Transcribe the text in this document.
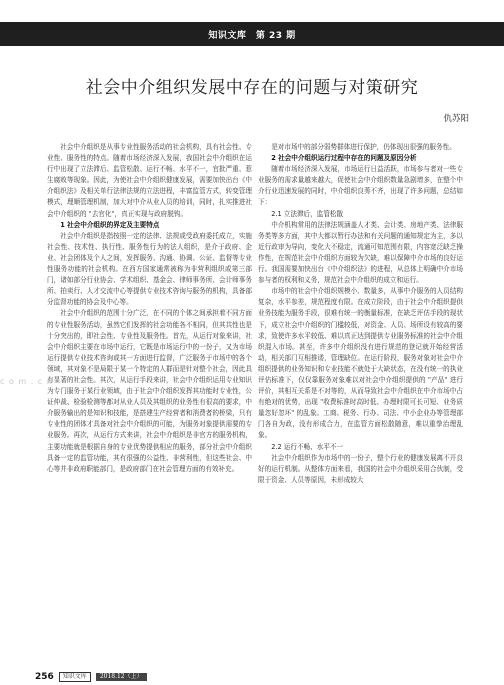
知识文库　第 23 期
社会中介组织发展中存在的问题与对策研究
仇苏阳

社会中介组织是从事专业性服务活动的社会机构，具有社会性、专业性、服务性的特点。随着市场经济深入发展，我国社会中介组织在运行中出现了立法滞后、监管松散、运行不畅、水平不一，官批严重、惹生腐败等现象。因此，为使社会中介组织健康发展，需要加快出台《中介组织法》及相关单行法律法规的立法进程，丰富监管方式，转变管理模式，理顺管理机制，加大对中介从业人员的培训，同时，扎实推进社会中介组织的 "去官化"，真正实现与政府脱钩。

1 社会中介组织的界定及主要特点

社会中介组织是指按照一定的法律、法规或受政府委托成立，实施社会性、技术性、执行性、服务性行为的法人组织，是介于政府、企业、社会团体及个人之间，发挥服务、沟通、协调、公证、监督等专业性服务功能的社会机构。在西方国家通常被称为非营利组织或第三部门，诸如部分行业协会、学术组织、基金会、律师事务所、会计师事务所、拍卖行、人才交流中心等提供专业技术咨询与服务的机构，具备部分监督功能的协会及中心等。

社会中介组织的范围十分广泛，在不同的个体之间承担着不同方面的专业性服务活动，虽然它们发挥的社会功能各不相同，但其共性也是十分突出的，即社会性、专业性及服务性。首先，从运行对象来讲，社会中介组织主要在市场中运行，它既是市场运行中的一份子，又为市场运行提供专业技术咨询或其一方面进行监督，广泛服务于市场中的各个领域，其对象不是局限于某一个特定的人群而是针对整个社会，因此具有显著的社会性。其次，从运行手段来讲，社会中介组织运用专业知识为专门服务于某行业领域，由于社会中介组织发挥其功能时专业性，公证仲裁、检验检测等都对从业人员及其组织的业务性有很高的要求，中介服务输出的是知识和技能，是搭建生产经营者和消费者的桥梁，只有专业性的团体才具备对社会中介组织的可能，为服务对象提供需要的专业服务。再次，从运行方式来讲，社会中介组织是非官方的服务机构，主要功能就是根据自身的专业优势提供相应的服务，部分社会中介组织具备一定的监管功能，其有很强的公益性、非营利性，但这些社会、中心等并非政府职能部门，是政府部门在社会管理方面的有效补充。

是对市场中的部分弱势群体进行保护，仍体现出很强的服务性。

2 社会中介组织运行过程中存在的问题及原因分析

随着市场经济深入发展，市场运行日益活跃，市场参与者对一些专业服务的需求量越来越大，促使社会中介组织数量急剧增多，在整个中介行业迅速发展的同时，中介组织良莠不齐，出现了许多问题，总结如下：

2.1 立法滞后，监管松散

中介机构常用的法律法规涵盖人才类、会计类、房地产类、法律服务类等多方面，其中大都以暂行办法和有关问题的通知规定为主，多以近行政审为导向，变化大不稳定，流通可知范围有限，内容宽泛缺乏操作性，在规范社会中介组织方面较为欠缺，难以保障中介市场的良好运行。我国需要加快出台《中介组织法》的进程，从总体上明确中介市场参与者的权利和义务，规范社会中介组织的成立和运行。

市场中的社会中介组织规模小、数量多，从事中介服务的人员结构复杂，水平参差，规范程度有限。在成立阶段，由于社会中介组织提供业务技能为服务手段，很难有统一的衡量标准，在缺乏评估手段的现状下，成立社会中介组织的门槛较低，对资金、人员、场所设有较高的要求，致使许多水平较低、难以真正达到提供专业服务标准的社会中介组织混入市场。甚至，许多中介组织没有进行规范的登记就开始经营活动，相关部门互相推诿，管理缺位。在运行阶段，服务对象对社会中介组织提供的业务知识和专业技能不就处于大缺状态，在没有统一的执业评估标准下，仅仅靠服务对象难以对社会中介组织提供的 "产品" 进行评价，其相互关系是不对等的，从而导致社会中介组织在中介市场中占有绝对的优势，出现 "收费标准时高时低、办理时限可长可短、业务质量忽好忽坏" 的乱象。工商、税务、行办、司法、中小企业办等管理部门各自为政，没有形成合力，在监管方面松散随意，难以重拳治理乱象。

2.2 运行不畅、水平不一

社会中介组织作为市场中的一份子，整个行业的健康发展离不开良好的运行机制。从整体方面来看，我国的社会中介组织采用合伙制，受限于资金、人员等原因，未形成较大

c o m . c n
256	知识文库	2018.12（上）
